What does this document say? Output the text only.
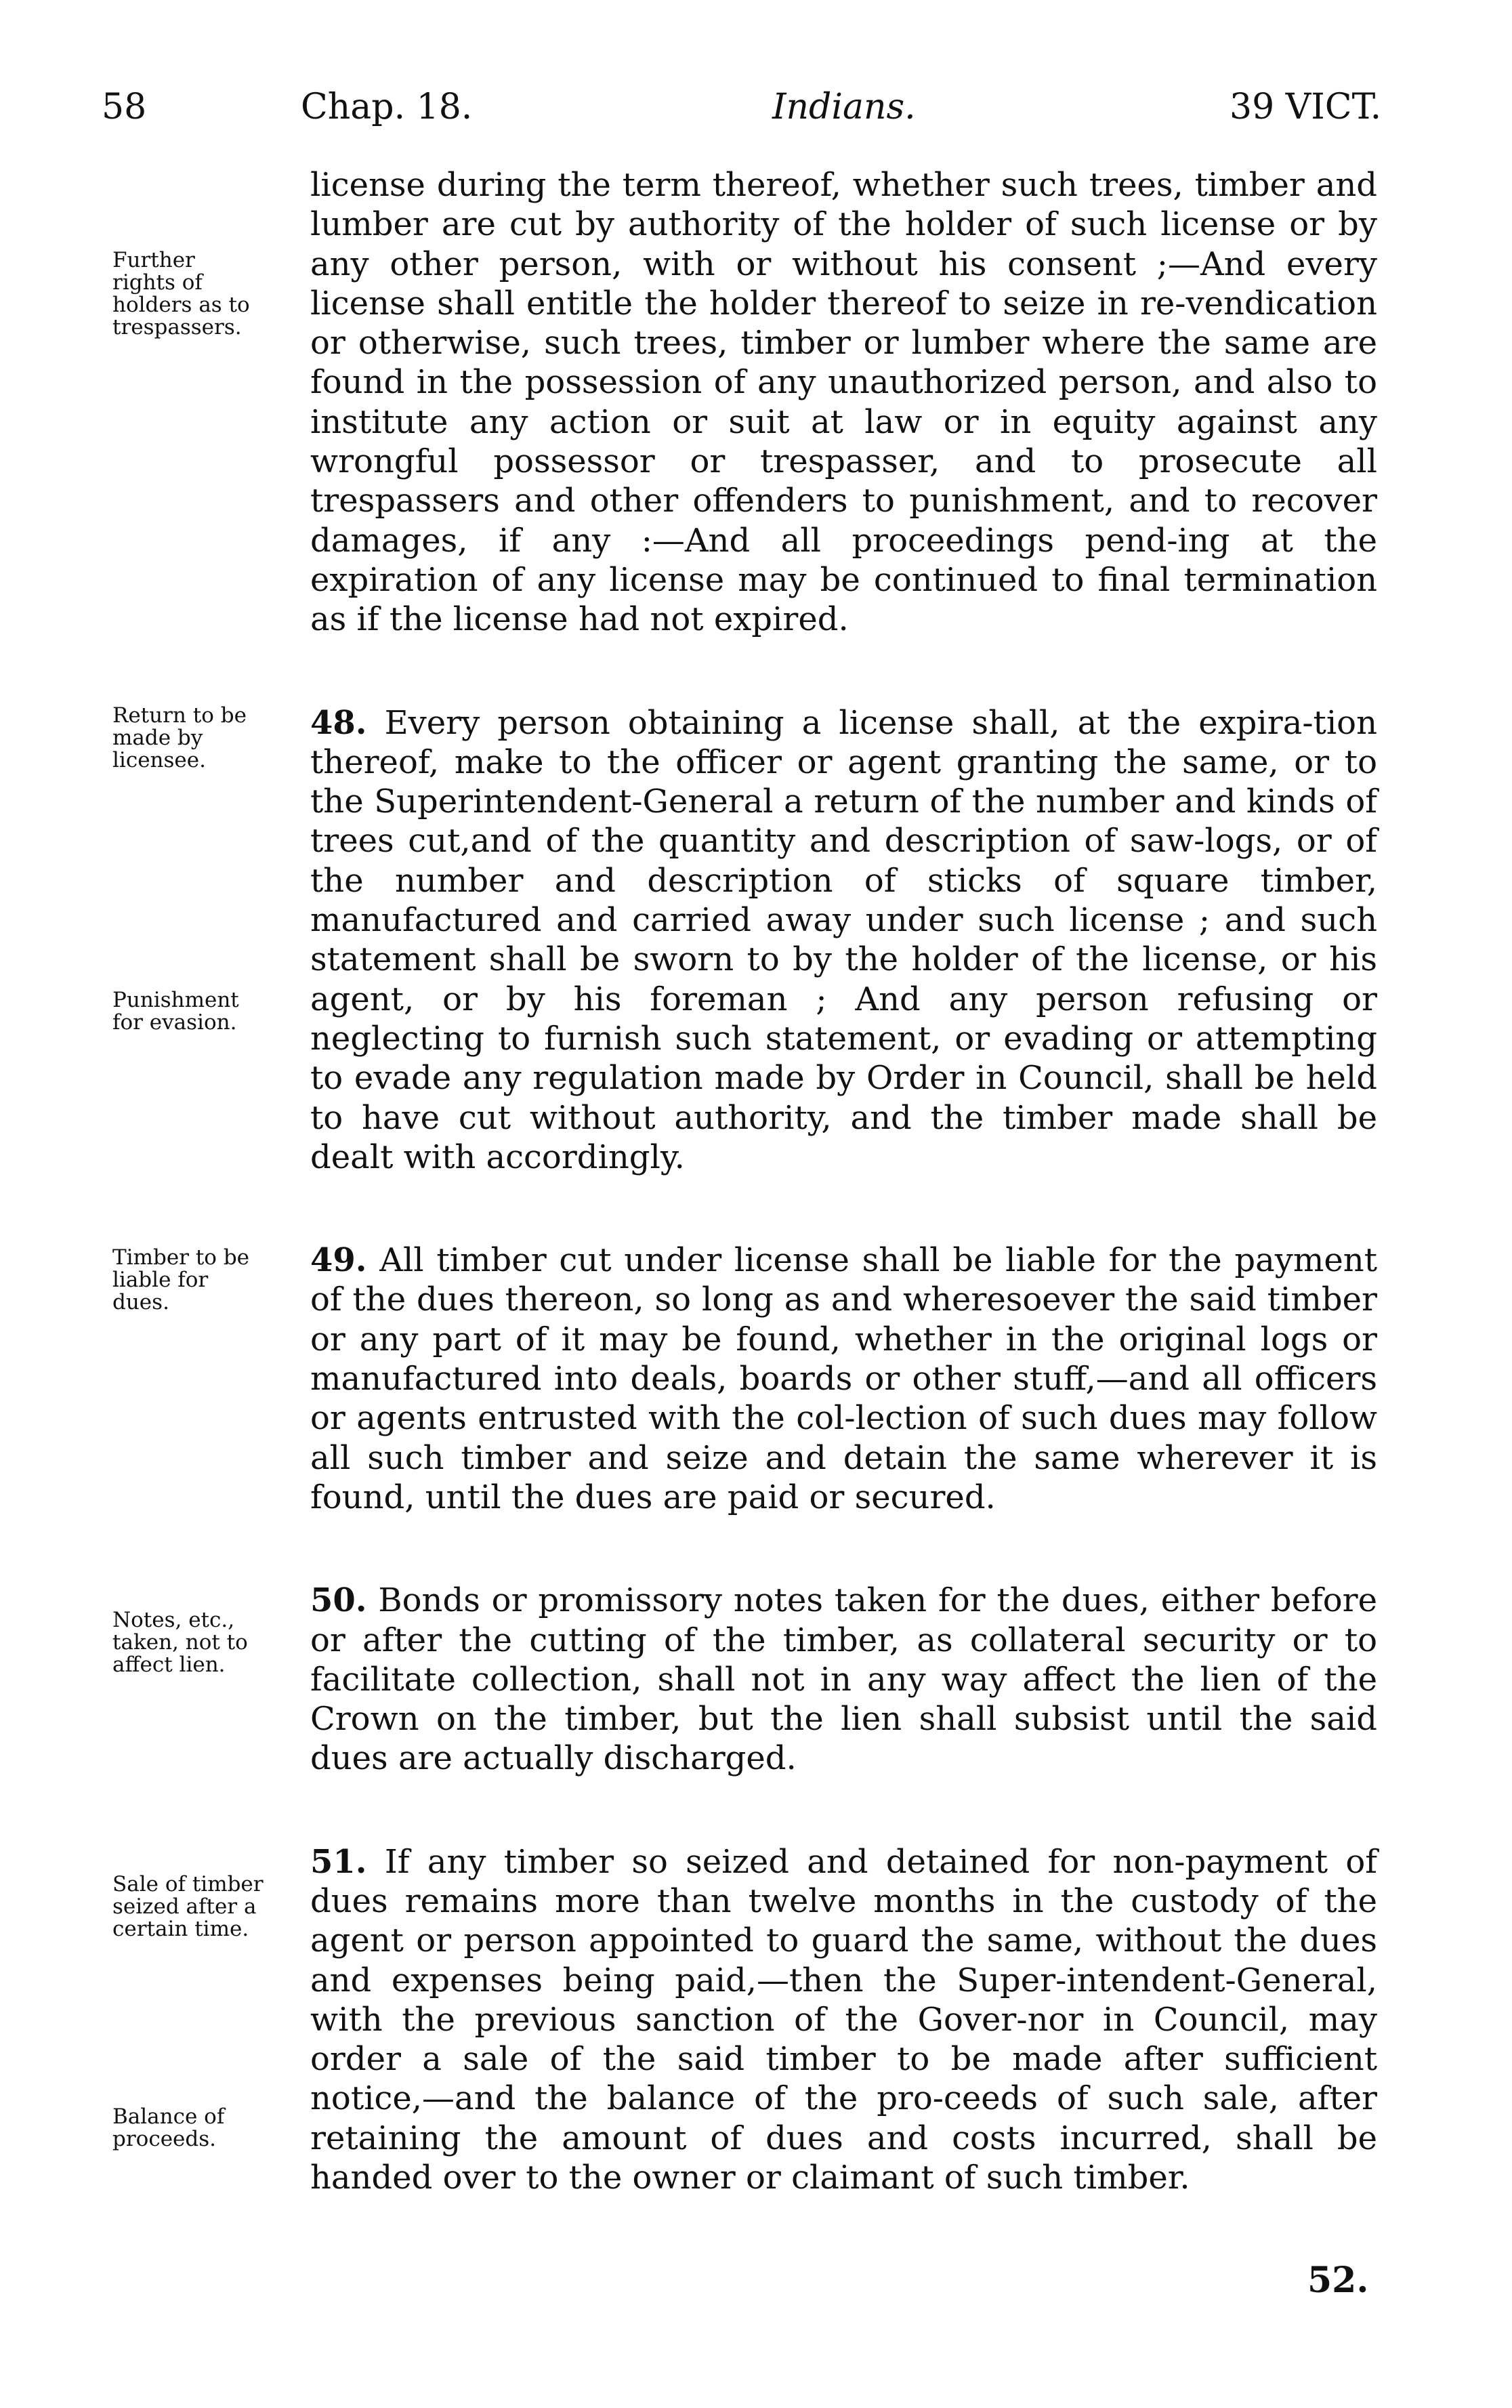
58	Chap. 18.	Indians.	39 VICT.
Further
rights of
holders as to
trespassers.
Return to be
made by
licensee.
Punishment
for evasion.
Timber to be
liable for
dues.
Notes, etc.,
taken, not to
affect lien.
Sale of timber
seized after a
certain time.
Balance of
proceeds.

license during the term thereof, whether such trees, timber and lumber are cut by authority of the holder of such license or by any other person, with or without his consent ;—And every license shall entitle the holder thereof to seize in re-vendication or otherwise, such trees, timber or lumber where the same are found in the possession of any unauthorized person, and also to institute any action or suit at law or in equity against any wrongful possessor or trespasser, and to prosecute all trespassers and other offenders to punishment, and to recover damages, if any :—And all proceedings pend-ing at the expiration of any license may be continued to final termination as if the license had not expired.

48. Every person obtaining a license shall, at the expira-tion thereof, make to the officer or agent granting the same, or to the Superintendent-General a return of the number and kinds of trees cut,and of the quantity and description of saw-logs, or of the number and description of sticks of square timber, manufactured and carried away under such license ; and such statement shall be sworn to by the holder of the license, or his agent, or by his foreman ; And any person refusing or neglecting to furnish such statement, or evading or attempting to evade any regulation made by Order in Council, shall be held to have cut without authority, and the timber made shall be dealt with accordingly.

49. All timber cut under license shall be liable for the payment of the dues thereon, so long as and wheresoever the said timber or any part of it may be found, whether in the original logs or manufactured into deals, boards or other stuff,—and all officers or agents entrusted with the col-lection of such dues may follow all such timber and seize and detain the same wherever it is found, until the dues are paid or secured.

50. Bonds or promissory notes taken for the dues, either before or after the cutting of the timber, as collateral security or to facilitate collection, shall not in any way affect the lien of the Crown on the timber, but the lien shall subsist until the said dues are actually discharged.

51. If any timber so seized and detained for non-payment of dues remains more than twelve months in the custody of the agent or person appointed to guard the same, without the dues and expenses being paid,—then the Super-intendent-General, with the previous sanction of the Gover-nor in Council, may order a sale of the said timber to be made after sufficient notice,—and the balance of the pro-ceeds of such sale, after retaining the amount of dues and costs incurred, shall be handed over to the owner or claimant of such timber.

52.
